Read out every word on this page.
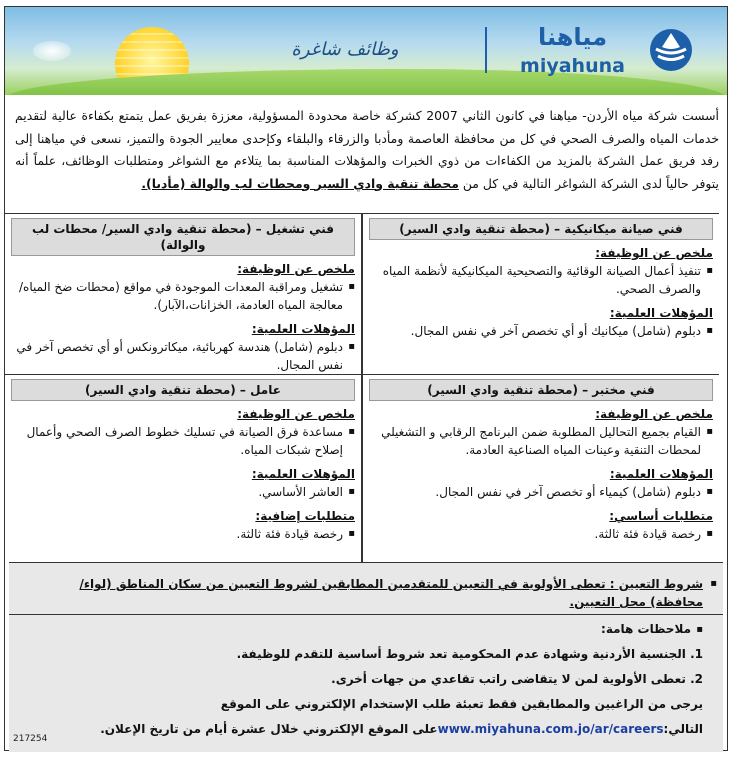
وظائف شاغرة	مياهنا
miyahuna
أسست شركة مياه الأردن- مياهنا في كانون الثاني 2007 كشركة خاصة محدودة المسؤولية، معززة بفريق عمل يتمتع بكفاءة عالية لتقديم خدمات المياه والصرف الصحي في كل من محافظة العاصمة ومأدبا والزرقاء والبلقاء وكإحدى معايير الجودة والتميز، نسعى في مياهنا إلى رفد فريق عمل الشركة بالمزيد من الكفاءات من ذوي الخبرات والمؤهلات المناسبة بما يتلاءم مع الشواغر ومتطلبات الوظائف، علماً أنه يتوفر حالياً لدى الشركة الشواغر التالية في كل من محطة تنقية وادي السير ومحطات لب والوالة (مأدبا).
فني صيانة ميكانيكية – (محطة تنقية وادي السير)
ملخص عن الوظيفة:
▪ تنفيذ أعمال الصيانة الوقائية والتصحيحية الميكانيكية لأنظمة المياه والصرف الصحي.
المؤهلات العلمية:
▪ دبلوم (شامل) ميكانيك أو أي تخصص آخر في نفس المجال.
فني تشغيل – (محطة تنقية وادي السير/ محطات لب والوالة)
ملخص عن الوظيفة:
▪ تشغيل ومراقبة المعدات الموجودة في مواقع (محطات ضخ المياه/معالجة المياه العادمة، الخزانات،الآبار).
المؤهلات العلمية:
▪ دبلوم (شامل) هندسة كهربائية، ميكاترونكس أو أي تخصص آخر في نفس المجال.
فني مختبر – (محطة تنقية وادي السير)
ملخص عن الوظيفة:
▪ القيام بجميع التحاليل المطلوبة ضمن البرنامج الرقابي و التشغيلي لمحطات التنقية وعينات المياه الصناعية العادمة.
المؤهلات العلمية:
▪ دبلوم (شامل) كيمياء أو تخصص آخر في نفس المجال.
متطلبات أساسي:
▪ رخصة قيادة فئة ثالثة.
عامل – (محطة تنقية وادي السير)
ملخص عن الوظيفة:
▪ مساعدة فرق الصيانة في تسليك خطوط الصرف الصحي وأعمال إصلاح شبكات المياه.
المؤهلات العلمية:
▪ العاشر الأساسي.
متطلبات إضافية:
▪ رخصة قيادة فئة ثالثة.
▪ شروط التعيين : تعطى الأولوية في التعيين للمتقدمين المطابقين لشروط التعيين من سكان المناطق (لواء/ محافظة) محل التعيين.
▪ ملاحظات هامة:
1. الجنسية الأردنية وشهادة عدم المحكومية تعد شروط أساسية للتقدم للوظيفة.
2. تعطى الأولوية لمن لا يتقاضى راتب تقاعدي من جهات أخرى.
يرجى من الراغبين والمطابقين فقط تعبئة طلب الإستخدام الإلكتروني على الموقع التالي:www.miyahuna.com.jo/ar/careersعلى الموقع الإلكتروني خلال عشرة أيام من تاريخ الإعلان.
217254
